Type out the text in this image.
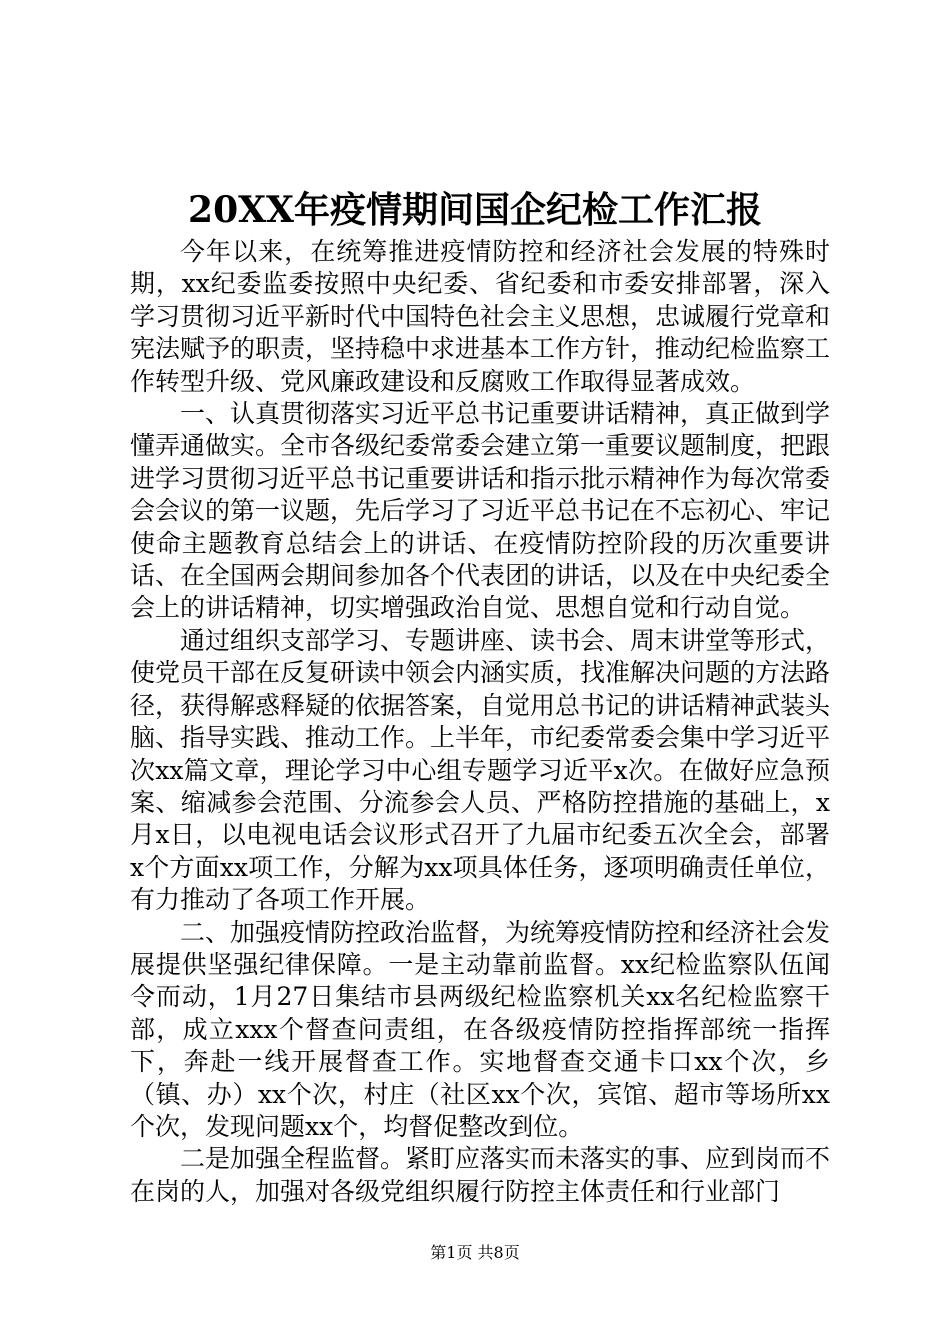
20XX年疫情期间国企纪检工作汇报

今年以来，在统筹推进疫情防控和经济社会发展的特殊时期，xx纪委监委按照中央纪委、省纪委和市委安排部署，深入学习贯彻习近平新时代中国特色社会主义思想，忠诚履行党章和宪法赋予的职责，坚持稳中求进基本工作方针，推动纪检监察工作转型升级、党风廉政建设和反腐败工作取得显著成效。

一、认真贯彻落实习近平总书记重要讲话精神，真正做到学懂弄通做实。全市各级纪委常委会建立第一重要议题制度，把跟进学习贯彻习近平总书记重要讲话和指示批示精神作为每次常委会会议的第一议题，先后学习了习近平总书记在不忘初心、牢记使命主题教育总结会上的讲话、在疫情防控阶段的历次重要讲话、在全国两会期间参加各个代表团的讲话，以及在中央纪委全会上的讲话精神，切实增强政治自觉、思想自觉和行动自觉。

通过组织支部学习、专题讲座、读书会、周末讲堂等形式，使党员干部在反复研读中领会内涵实质，找准解决问题的方法路径，获得解惑释疑的依据答案，自觉用总书记的讲话精神武装头脑、指导实践、推动工作。上半年，市纪委常委会集中学习近平次xx篇文章，理论学习中心组专题学习近平x次。在做好应急预案、缩减参会范围、分流参会人员、严格防控措施的基础上，x月x日，以电视电话会议形式召开了九届市纪委五次全会，部署x个方面xx项工作，分解为xx项具体任务，逐项明确责任单位，有力推动了各项工作开展。

二、加强疫情防控政治监督，为统筹疫情防控和经济社会发展提供坚强纪律保障。一是主动靠前监督。xx纪检监察队伍闻令而动，1月27日集结市县两级纪检监察机关xx名纪检监察干部，成立xxx个督查问责组，在各级疫情防控指挥部统一指挥下，奔赴一线开展督查工作。实地督查交通卡口xx个次，乡（镇、办）xx个次，村庄（社区xx个次，宾馆、超市等场所xx个次，发现问题xx个，均督促整改到位。

二是加强全程监督。紧盯应落实而未落实的事、应到岗而不在岗的人，加强对各级党组织履行防控主体责任和行业部门

第1页 共8页
